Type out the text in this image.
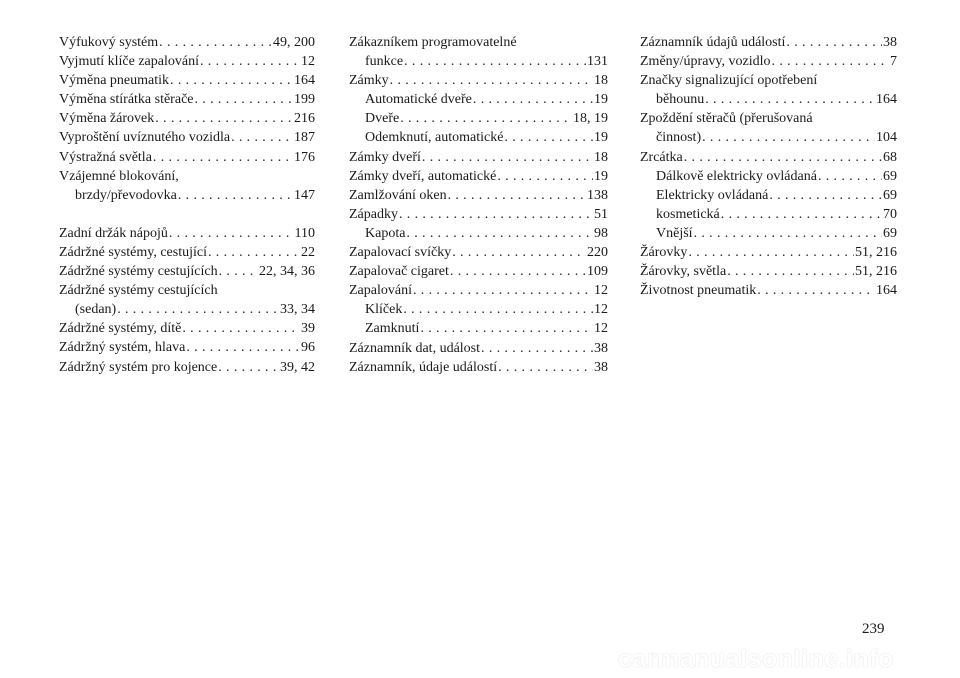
Výfukový systém .....	49, 200
Vyjmutí klíče zapalování .....	12
Výměna pneumatik .....	164
Výměna stírátka stěrače .....	199
Výměna žárovek .....	216
Vyproštění uvíznutého vozidla .....	187
Výstražná světla .....	176
Vzájemné blokování,
brzdy/převodovka .....	147
Zadní držák nápojů .....	110
Zádržné systémy, cestující .....	22
Zádržné systémy cestujících .....	22, 34, 36
Zádržné systémy cestujících
(sedan) .....	33, 34
Zádržné systémy, dítě .....	39
Zádržný systém, hlava .....	96
Zádržný systém pro kojence .....	39, 42
Zákazníkem programovatelné
funkce .....	131
Zámky .....	18
Automatické dveře .....	19
Dveře .....	18, 19
Odemknutí, automatické .....	19
Zámky dveří .....	18
Zámky dveří, automatické .....	19
Zamlžování oken .....	138
Západky .....	51
Kapota .....	98
Zapalovací svíčky .....	220
Zapalovač cigaret .....	109
Zapalování .....	12
Klíček .....	12
Zamknutí .....	12
Záznamník dat, událost .....	38
Záznamník, údaje událostí .....	38
Záznamník údajů událostí .....	38
Změny/úpravy, vozidlo .....	7
Značky signalizující opotřebení
běhounu .....	164
Zpoždění stěračů (přerušovaná
činnost) .....	104
Zrcátka .....	68
Dálkově elektricky ovládaná .....	69
Elektricky ovládaná .....	69
kosmetická .....	70
Vnější .....	69
Žárovky .....	51, 216
Žárovky, světla .....	51, 216
Životnost pneumatik .....	164
239
carmanualsonline.info
